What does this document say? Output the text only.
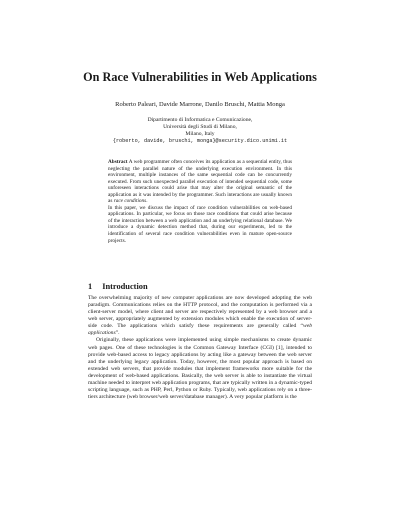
On Race Vulnerabilities in Web Applications
Roberto Paleari, Davide Marrone, Danilo Bruschi, Mattia Monga
Dipartimento di Informatica e Comunicazione,
Università degli Studi di Milano,
Milano, Italy
{roberto, davide, bruschi, monga}@security.dico.unimi.it

Abstract A web programmer often conceives its application as a sequential entity, thus neglecting the parallel nature of the underlying execution environment. In this environment, multiple instances of the same sequential code can be concurrently executed. From such unexpected parallel execution of intended sequential code, some unforeseen interactions could arise that may alter the original semantic of the application as it was intended by the programmer. Such interactions are usually known as race conditions.

In this paper, we discuss the impact of race condition vulnerabilities on web-based applications. In particular, we focus on those race conditions that could arise because of the interaction between a web application and an underlying relational database. We introduce a dynamic detection method that, during our experiments, led to the identification of several race condition vulnerabilities even in mature open-source projects.

1 Introduction

The overwhelming majority of new computer applications are now developed adopting the web paradigm. Communications relies on the HTTP protocol, and the computation is performed via a client-server model, where client and server are respectively represented by a web browser and a web server, appropriately augmented by extension modules which enable the execution of server-side code. The applications which satisfy these requirements are generally called “web applications”.

Originally, these applications were implemented using simple mechanisms to create dynamic web pages. One of these technologies is the Common Gateway Interface (CGI) [1], intended to provide web-based access to legacy applications by acting like a gateway between the web server and the underlying legacy application. Today, however, the most popular approach is based on extended web servers, that provide modules that implement frameworks more suitable for the development of web-based applications. Basically, the web server is able to instantiate the virtual machine needed to interpret web application programs, that are typically written in a dynamic-typed scripting language, such as PHP, Perl, Python or Ruby. Typically, web applications rely on a three-tiers architecture (web browser/web server/database manager). A very popular platform is the
